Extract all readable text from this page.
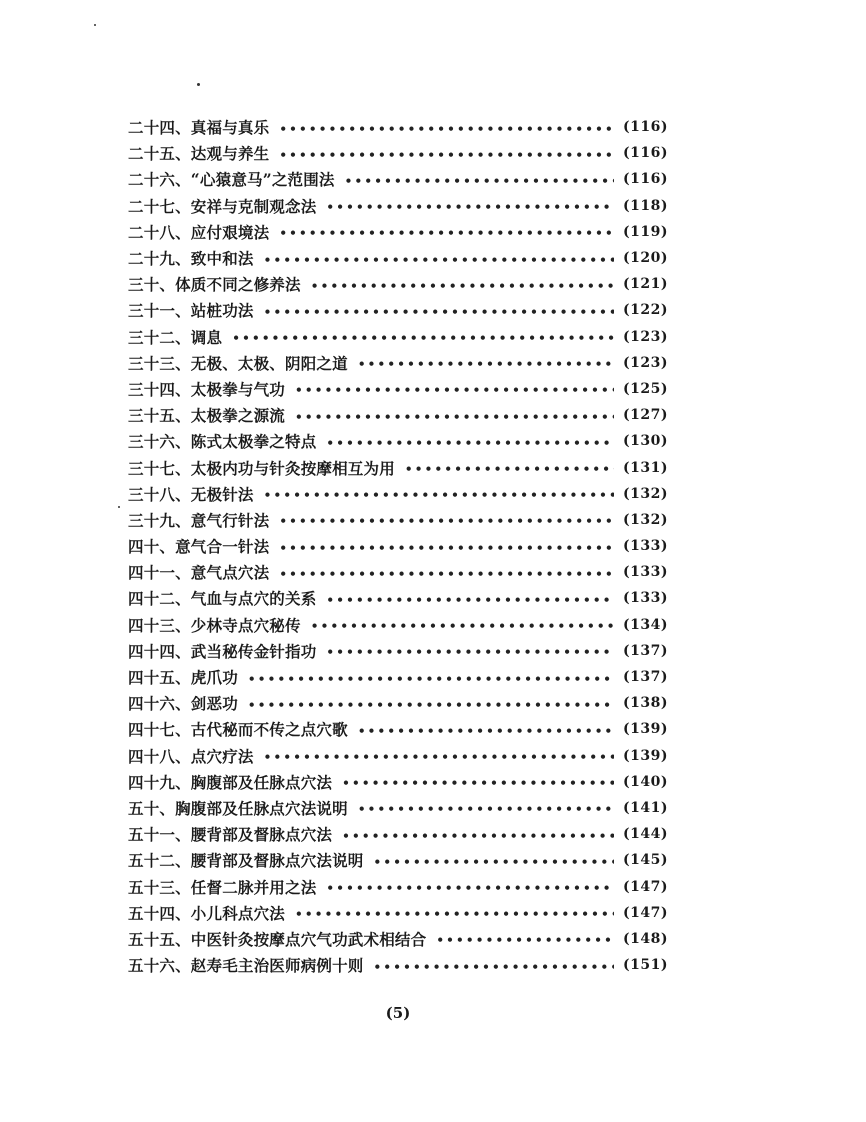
二十四、真福与真乐 •••••	(116)
二十五、达观与养生 •••••	(116)
二十六、“心猿意马”之范围法 •••••	(116)
二十七、安祥与克制观念法 •••••	(118)
二十八、应付艰境法 •••••	(119)
二十九、致中和法 •••••	(120)
三十、体质不同之修养法 •••••	(121)
三十一、站桩功法 •••••	(122)
三十二、调息 •••••	(123)
三十三、无极、太极、阴阳之道 •••••	(123)
三十四、太极拳与气功 •••••	(125)
三十五、太极拳之源流 •••••	(127)
三十六、陈式太极拳之特点 •••••	(130)
三十七、太极内功与针灸按摩相互为用 •••••	(131)
三十八、无极针法 •••••	(132)
三十九、意气行针法 •••••	(132)
四十、意气合一针法 •••••	(133)
四十一、意气点穴法 •••••	(133)
四十二、气血与点穴的关系 •••••	(133)
四十三、少林寺点穴秘传 •••••	(134)
四十四、武当秘传金针指功 •••••	(137)
四十五、虎爪功 •••••	(137)
四十六、剑恶功 •••••	(138)
四十七、古代秘而不传之点穴歌 •••••	(139)
四十八、点穴疗法 •••••	(139)
四十九、胸腹部及任脉点穴法 •••••	(140)
五十、胸腹部及任脉点穴法说明 •••••	(141)
五十一、腰背部及督脉点穴法 •••••	(144)
五十二、腰背部及督脉点穴法说明 •••••	(145)
五十三、任督二脉并用之法 •••••	(147)
五十四、小儿科点穴法 •••••	(147)
五十五、中医针灸按摩点穴气功武术相结合 •••••	(148)
五十六、赵寿毛主治医师病例十则 •••••	(151)
(5)
